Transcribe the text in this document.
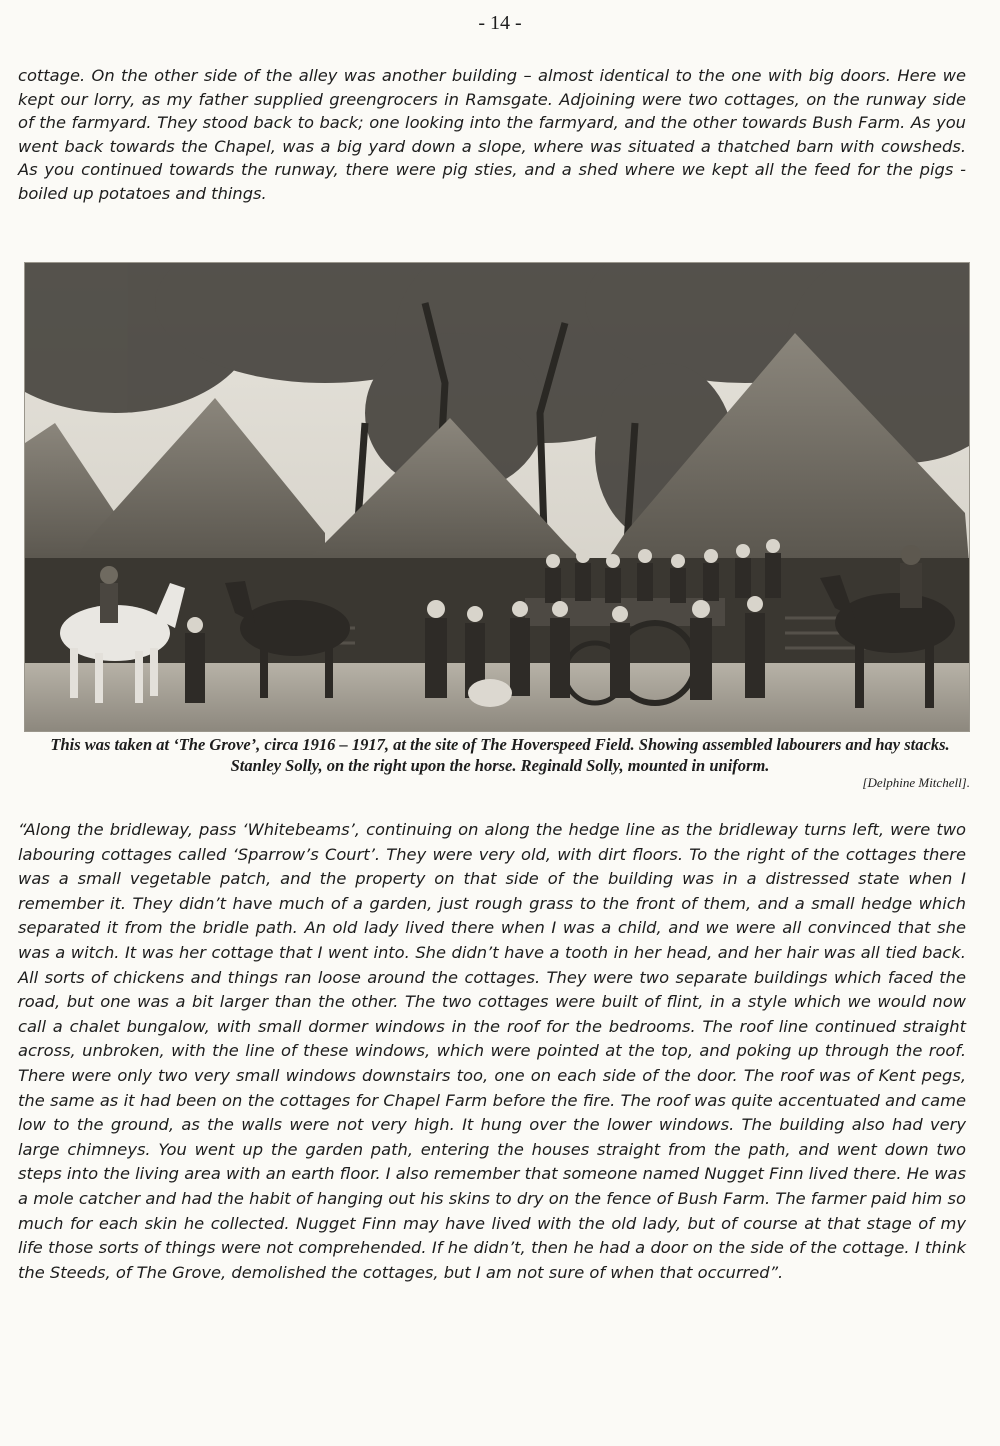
- 14 -

cottage. On the other side of the alley was another building – almost identical to the one with big doors. Here we kept our lorry, as my father supplied greengrocers in Ramsgate. Adjoining were two cottages, on the runway side of the farmyard. They stood back to back; one looking into the farmyard, and the other towards Bush Farm. As you went back towards the Chapel, was a big yard down a slope, where was situated a thatched barn with cowsheds. As you continued towards the runway, there were pig sties, and a shed where we kept all the feed for the pigs - boiled up potatoes and things.

This was taken at ‘The Grove’, circa 1916 – 1917, at the site of The Hoverspeed Field. Showing assembled labourers and hay stacks. Stanley Solly, on the right upon the horse. Reginald Solly, mounted in uniform.
[Delphine Mitchell].

“Along the bridleway, pass ‘Whitebeams’, continuing on along the hedge line as the bridleway turns left, were two labouring cottages called ‘Sparrow’s Court’. They were very old, with dirt floors. To the right of the cottages there was a small vegetable patch, and the property on that side of the building was in a distressed state when I remember it. They didn’t have much of a garden, just rough grass to the front of them, and a small hedge which separated it from the bridle path. An old lady lived there when I was a child, and we were all convinced that she was a witch. It was her cottage that I went into. She didn’t have a tooth in her head, and her hair was all tied back. All sorts of chickens and things ran loose around the cottages. They were two separate buildings which faced the road, but one was a bit larger than the other. The two cottages were built of flint, in a style which we would now call a chalet bungalow, with small dormer windows in the roof for the bedrooms. The roof line continued straight across, unbroken, with the line of these windows, which were pointed at the top, and poking up through the roof. There were only two very small windows downstairs too, one on each side of the door. The roof was of Kent pegs, the same as it had been on the cottages for Chapel Farm before the fire. The roof was quite accentuated and came low to the ground, as the walls were not very high. It hung over the lower windows. The building also had very large chimneys. You went up the garden path, entering the houses straight from the path, and went down two steps into the living area with an earth floor. I also remember that someone named Nugget Finn lived there. He was a mole catcher and had the habit of hanging out his skins to dry on the fence of Bush Farm. The farmer paid him so much for each skin he collected. Nugget Finn may have lived with the old lady, but of course at that stage of my life those sorts of things were not comprehended. If he didn’t, then he had a door on the side of the cottage. I think the Steeds, of The Grove, demolished the cottages, but I am not sure of when that occurred”.
